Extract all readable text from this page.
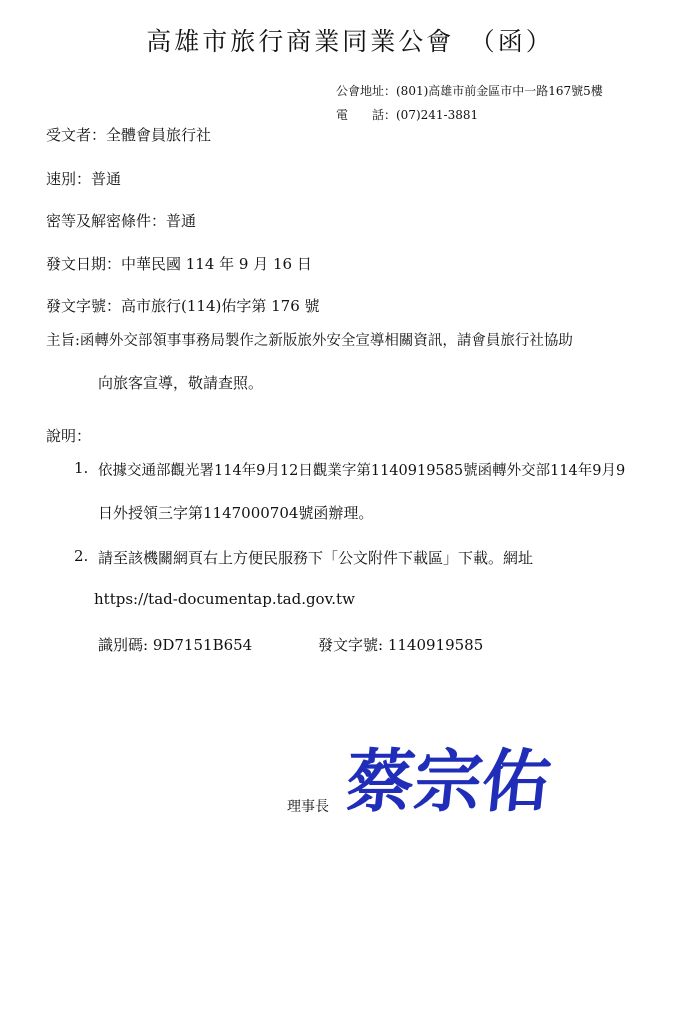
高雄市旅行商業同業公會　（函）
公會地址：(801)高雄市前金區市中一路167號5樓
電　　話：(07)241-3881
受文者：全體會員旅行社
速別：普通
密等及解密條件：普通
發文日期：中華民國 114 年 9 月 16 日
發文字號：高市旅行(114)佑字第 176 號
主旨:函轉外交部領事事務局製作之新版旅外安全宣導相關資訊，請會員旅行社協助
向旅客宣導，敬請查照。
說明：
1. 依據交通部觀光署114年9月12日觀業字第1140919585號函轉外交部114年9月9
日外授領三字第1147000704號函辦理。
2. 請至該機關網頁右上方便民服務下「公文附件下載區」下載。網址
https://tad-documentap.tad.gov.tw
識別碼: 9D7151B654	發文字號: 1140919585
理事長 蔡宗佑
